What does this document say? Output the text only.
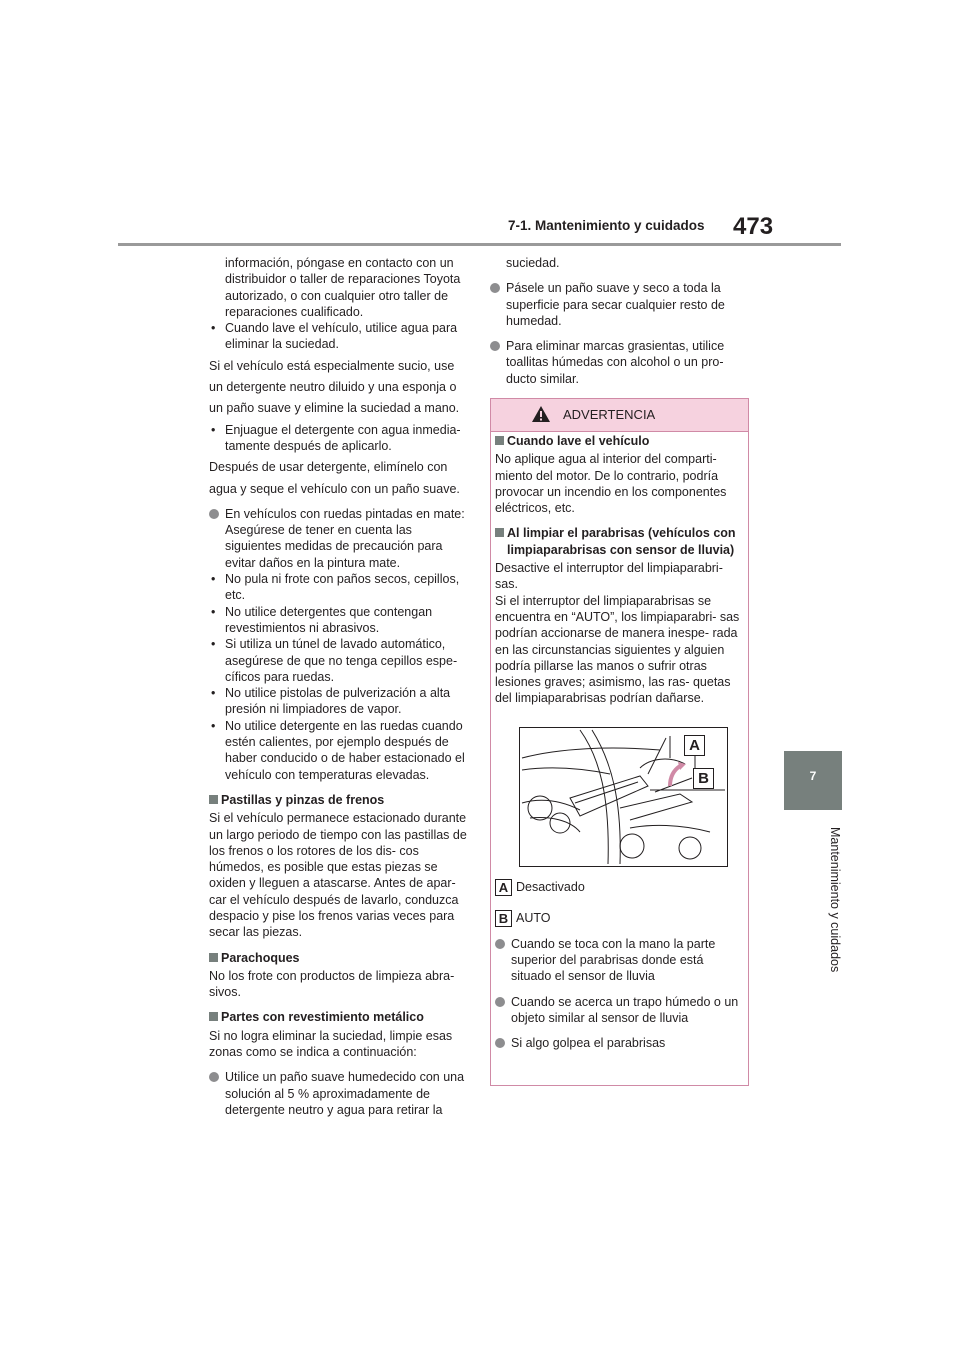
7-1. Mantenimiento y cuidados 473
7
Mantenimiento y cuidados

información, póngase en contacto con un distribuidor o taller de reparaciones Toyota autorizado, o con cualquier otro taller de reparaciones cualificado.

• Cuando lave el vehículo, utilice agua para eliminar la suciedad.

Si el vehículo está especialmente sucio, use

un detergente neutro diluido y una esponja o

un paño suave y elimine la suciedad a mano.

• Enjuague el detergente con agua inmedia- tamente después de aplicarlo.

Después de usar detergente, elimínelo con

agua y seque el vehículo con un paño suave.

En vehículos con ruedas pintadas en mate: Asegúrese de tener en cuenta las siguientes medidas de precaución para evitar daños en la pintura mate.

• No pula ni frote con paños secos, cepillos, etc.

• No utilice detergentes que contengan revestimientos ni abrasivos.

• Si utiliza un túnel de lavado automático, asegúrese de que no tenga cepillos espe- cíficos para ruedas.

• No utilice pistolas de pulverización a alta presión ni limpiadores de vapor.

• No utilice detergente en las ruedas cuando estén calientes, por ejemplo después de haber conducido o de haber estacionado el vehículo con temperaturas elevadas.

Pastillas y pinzas de frenos

Si el vehículo permanece estacionado durante un largo periodo de tiempo con las pastillas de los frenos o los rotores de los dis- cos húmedos, es posible que estas piezas se oxiden y lleguen a atascarse. Antes de apar- car el vehículo después de lavarlo, conduzca despacio y pise los frenos varias veces para secar las piezas.

Parachoques

No los frote con productos de limpieza abra- sivos.

Partes con revestimiento metálico

Si no logra eliminar la suciedad, limpie esas zonas como se indica a continuación:

Utilice un paño suave humedecido con una solución al 5 % aproximadamente de detergente neutro y agua para retirar la

suciedad.

Pásele un paño suave y seco a toda la superficie para secar cualquier resto de humedad.

Para eliminar marcas grasientas, utilice toallitas húmedas con alcohol o un pro- ducto similar.

ADVERTENCIA

Cuando lave el vehículo

No aplique agua al interior del comparti- miento del motor. De lo contrario, podría provocar un incendio en los componentes eléctricos, etc.

Al limpiar el parabrisas (vehículos con limpiaparabrisas con sensor de lluvia)

Desactive el interruptor del limpiaparabri- sas.

Si el interruptor del limpiaparabrisas se encuentra en “AUTO”, los limpiaparabri- sas podrían accionarse de manera inespe- rada en las circunstancias siguientes y alguien podría pillarse las manos o sufrir otras lesiones graves; asimismo, las ras- quetas del limpiaparabrisas podrían dañarse.

A
B
A Desactivado
B AUTO

Cuando se toca con la mano la parte superior del parabrisas donde está situado el sensor de lluvia

Cuando se acerca un trapo húmedo o un objeto similar al sensor de lluvia

Si algo golpea el parabrisas
